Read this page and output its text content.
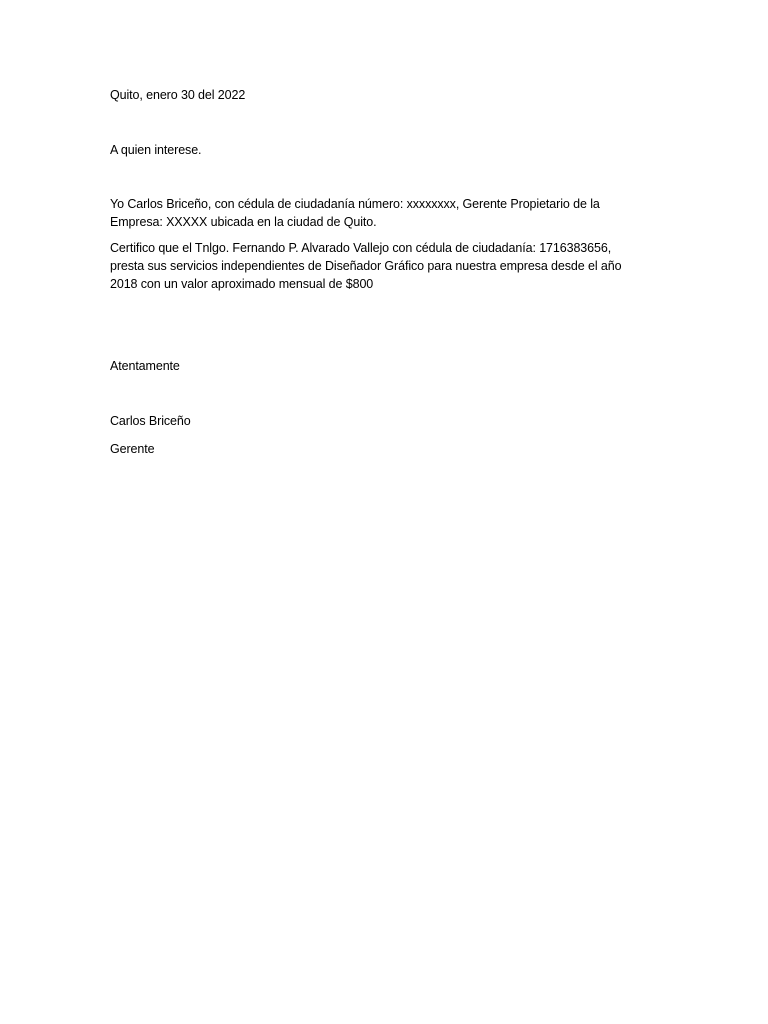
Quito, enero 30 del 2022
A quien interese.
Yo Carlos Briceño, con cédula de ciudadanía número: xxxxxxxx, Gerente Propietario de la Empresa: XXXXX ubicada en la ciudad de Quito.
Certifico que el Tnlgo. Fernando P. Alvarado Vallejo con cédula de ciudadanía: 1716383656, presta sus servicios independientes de Diseñador Gráfico para nuestra empresa desde el año 2018 con un valor aproximado mensual de $800
Atentamente
Carlos Briceño
Gerente
